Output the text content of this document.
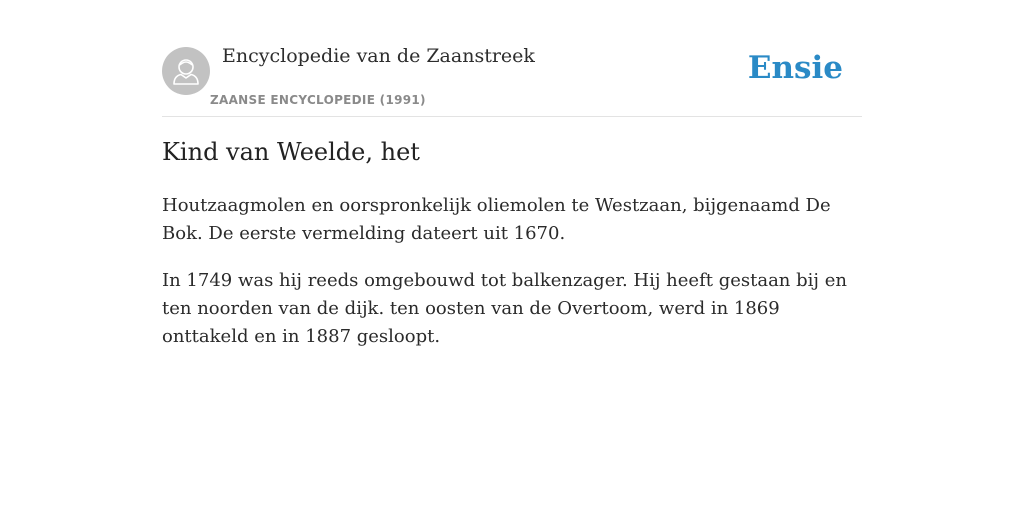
Encyclopedie van de Zaanstreek
ZAANSE ENCYCLOPEDIE (1991)
Ensie
Kind van Weelde, het

Houtzaagmolen en oorspronkelijk oliemolen te Westzaan, bijgenaamd De Bok. De eerste vermelding dateert uit 1670.

In 1749 was hij reeds omgebouwd tot balkenzager. Hij heeft gestaan bij en ten noorden van de dijk. ten oosten van de Overtoom, werd in 1869 onttakeld en in 1887 gesloopt.
